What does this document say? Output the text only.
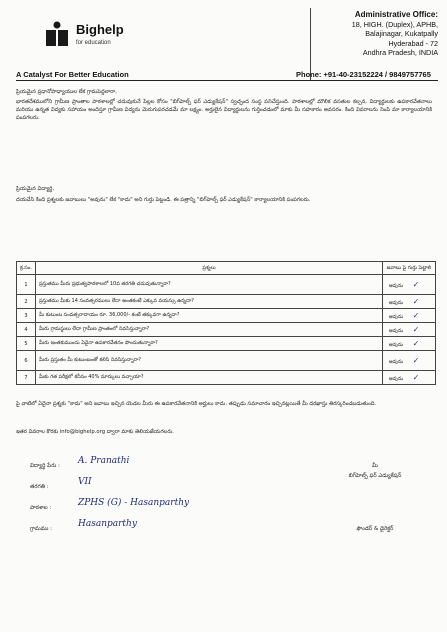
Bighelp
for education
A Catalyst For Better Education
Administrative Office:
18, HIGH. (Duplex), APHB,
Balajinagar, Kukatpally
Hyderabad - 72
Andhra Pradesh, INDIA
Phone: +91-40-23152224 / 9849757765
ప్రియమైన ప్రధానోపాధ్యాయుల లేక గ్రామపెద్దలారా,
భారతదేశములోని గ్రామీణ ప్రాంతాల పాఠశాలల్లో చదువుకునే పిల్లల కోసం "బిగ్‌హెల్ప్ ఫర్ ఎడ్యుకేషన్" స్వచ్ఛంద సంస్థ పనిచేస్తుంది. పాఠశాలల్లో మౌలిక వసతుల కల్పన, విద్యార్థులకు ఉపకారవేతనాలు మరియు ఉన్నత విద్యకు సహాయం అందిస్తూ గ్రామీణ విద్యను మెరుగుపరచడమే మా లక్ష్యం. అర్హులైన విద్యార్థులను గుర్తించడంలో మాకు మీ సహకారం అవసరం. కింది వివరాలను నింపి మా కార్యాలయానికి పంపగలరు.
ప్రియమైన విద్యార్థి,
దయచేసి కింది ప్రశ్నలకు జవాబులు "అవును" లేక "కాదు" అని గుర్తు పెట్టండి. ఈ పత్రాన్ని "బిగ్‌హెల్ప్ ఫర్ ఎడ్యుకేషన్" కార్యాలయానికి పంపగలరు.
క్ర.సం.	ప్రశ్నలు	జవాబు పై గుర్తు పెట్టాలి
1	ప్రస్తుతము మీరు ప్రభుత్వపాఠశాలలో 10వ తరగతి చదువుతున్నారా?	అవును ✓
2	ప్రస్తుతము మీకు 14 సంవత్సరములు లేదా అంతకంటే ఎక్కువ వయస్సు ఉన్నదా?	అవును ✓
3	మీ కుటుంబ సంవత్సరాదాయం రూ. 36,000/- కంటే తక్కువగా ఉన్నదా?	అవును ✓
4	మీరు గ్రామస్థులు లేదా గ్రామీణ ప్రాంతంలో నివసిస్తున్నారా?	అవును ✓
5	మీరు ఇంతకుముందు ఏదైనా ఉపకారవేతనం పొందుతున్నారా?	అవును ✓
6	మీరు ప్రస్తుతం మీ కుటుంబంతో కలిసి నివసిస్తున్నారా?	అవును ✓
7	మీకు గత పరీక్షలో కనీసం 40% మార్కులు వచ్చాయా?	అవును ✓
పై వాటిలో ఏదైనా ప్రశ్నకు "కాదు" అని జవాబు ఇచ్చిన యెడల మీరు ఈ ఉపకారవేతనానికి అర్హులు కాదు. తప్పుడు సమాచారం ఇచ్చినట్లయితే మీ దరఖాస్తు తిరస్కరించబడుతుంది.
ఇతర వివరాల కొరకు info@bighelp.org ద్వారా మాకు తెలియజేయగలరు.
విద్యార్థి పేరు : A. Pranathi
తరగతి :	VII
పాఠశాల :	ZPHS (G) - Hasanparthy
గ్రామము :	Hasanparthy
మీ
బిగ్‌హెల్ప్ ఫర్ ఎడ్యుకేషన్
ఫౌండర్ & డైరెక్టర్
